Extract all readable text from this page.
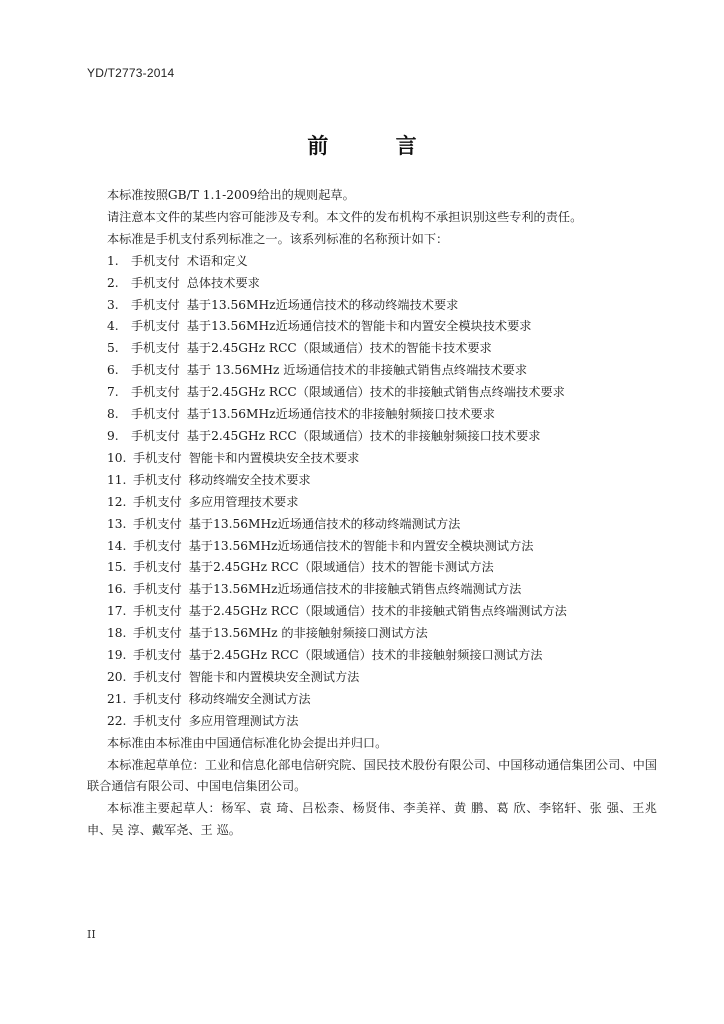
YD/T2773-2014
前 言

本标准按照GB/T 1.1-2009给出的规则起草。

请注意本文件的某些内容可能涉及专利。本文件的发布机构不承担识别这些专利的责任。

本标准是手机支付系列标准之一。该系列标准的名称预计如下：

1. 手机支付 术语和定义
2. 手机支付 总体技术要求
3. 手机支付 基于13.56MHz近场通信技术的移动终端技术要求
4. 手机支付 基于13.56MHz近场通信技术的智能卡和内置安全模块技术要求
5. 手机支付 基于2.45GHz RCC（限域通信）技术的智能卡技术要求
6. 手机支付 基于 13.56MHz 近场通信技术的非接触式销售点终端技术要求
7. 手机支付 基于2.45GHz RCC（限域通信）技术的非接触式销售点终端技术要求
8. 手机支付 基于13.56MHz近场通信技术的非接触射频接口技术要求
9. 手机支付 基于2.45GHz RCC（限域通信）技术的非接触射频接口技术要求
10. 手机支付 智能卡和内置模块安全技术要求
11. 手机支付 移动终端安全技术要求
12. 手机支付 多应用管理技术要求
13. 手机支付 基于13.56MHz近场通信技术的移动终端测试方法
14. 手机支付 基于13.56MHz近场通信技术的智能卡和内置安全模块测试方法
15. 手机支付 基于2.45GHz RCC（限域通信）技术的智能卡测试方法
16. 手机支付 基于13.56MHz近场通信技术的非接触式销售点终端测试方法
17. 手机支付 基于2.45GHz RCC（限域通信）技术的非接触式销售点终端测试方法
18. 手机支付 基于13.56MHz 的非接触射频接口测试方法
19. 手机支付 基于2.45GHz RCC（限域通信）技术的非接触射频接口测试方法
20. 手机支付 智能卡和内置模块安全测试方法
21. 手机支付 移动终端安全测试方法
22. 手机支付 多应用管理测试方法

本标准由本标准由中国通信标准化协会提出并归口。

本标准起草单位：工业和信息化部电信研究院、国民技术股份有限公司、中国移动通信集团公司、中国联合通信有限公司、中国电信集团公司。

本标准主要起草人：杨军、袁 琦、吕松柰、杨贤伟、李美祥、黄 鹏、葛 欣、李铭轩、张 强、王兆申、吴 淳、戴军尧、王 巡。

II
